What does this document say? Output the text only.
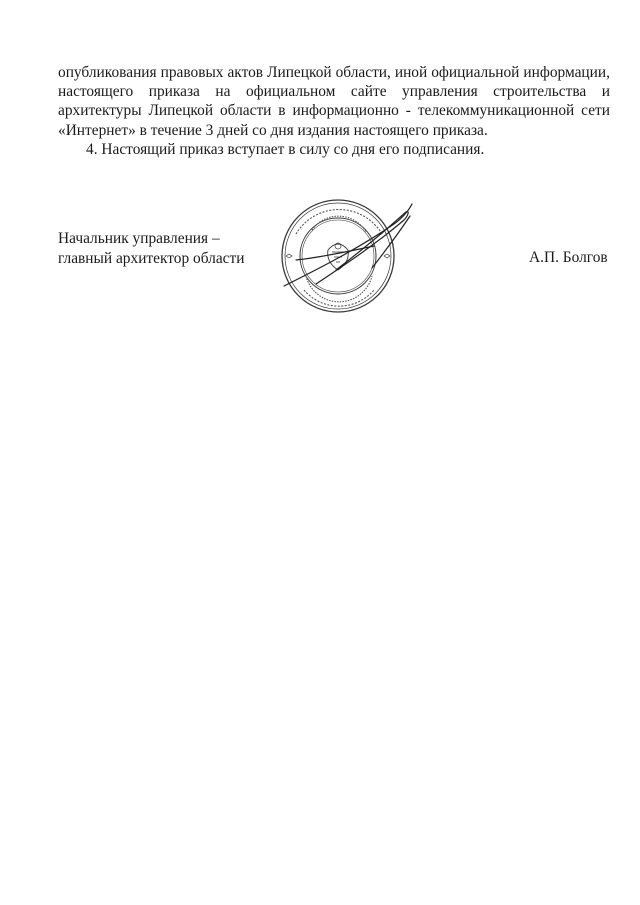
опубликования правовых актов Липецкой области, иной официальной информации, настоящего приказа на официальном сайте управления строительства и архитектуры Липецкой области в информационно - телекоммуникационной сети «Интернет» в течение 3 дней со дня издания настоящего приказа.

4. Настоящий приказ вступает в силу со дня его подписания.

Начальник управления –
главный архитектор области	А.П. Болгов
